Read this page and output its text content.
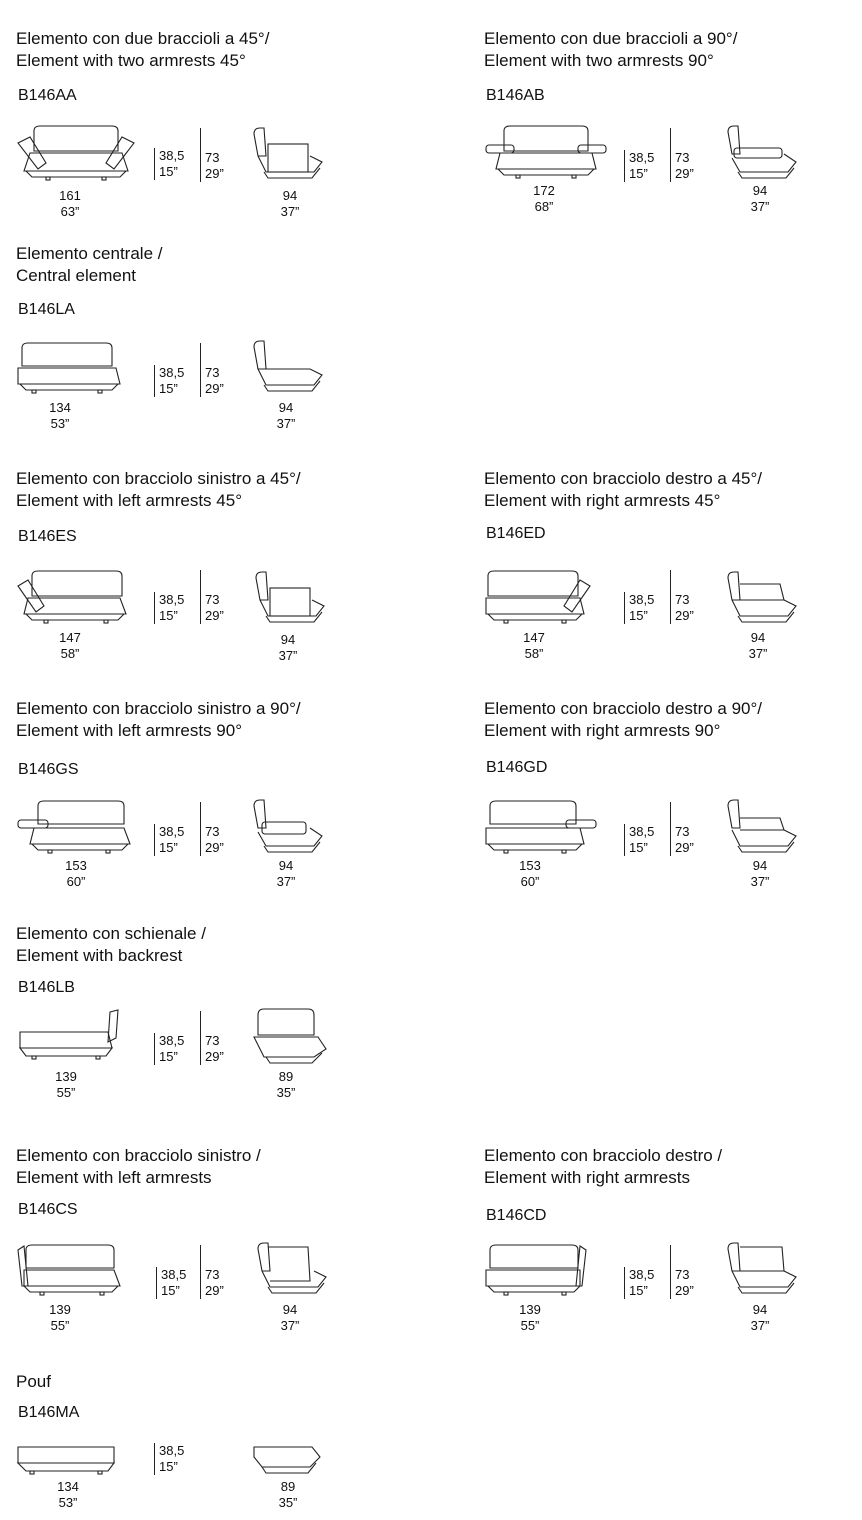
Elemento con due braccioli a 45°/
Element with two armrests 45°
B146AA
161
63”
38,5
15”
73
29”
94
37”
Elemento con due braccioli a 90°/
Element with two armrests 90°
B146AB
172
68”
38,5
15”
73
29”
94
37”
Elemento centrale /
Central element
B146LA
134
53”
38,5
15”
73
29”
94
37”
Elemento con bracciolo sinistro a 45°/
Element with left armrests 45°
B146ES
147
58”
38,5
15”
73
29”
94
37”
Elemento con bracciolo destro a 45°/
Element with right armrests 45°
B146ED
147
58”
38,5
15”
73
29”
94
37”
Elemento con bracciolo sinistro a 90°/
Element with left armrests 90°
B146GS
153
60”
38,5
15”
73
29”
94
37”
Elemento con bracciolo destro a 90°/
Element with right armrests 90°
B146GD
153
60”
38,5
15”
73
29”
94
37”
Elemento con schienale /
Element with backrest
B146LB
139
55”
38,5
15”
73
29”
89
35”
Elemento con bracciolo sinistro /
Element with left armrests
B146CS
139
55”
38,5
15”
73
29”
94
37”
Elemento con bracciolo destro /
Element with right armrests
B146CD
139
55”
38,5
15”
73
29”
94
37”
Pouf
B146MA
134
53”
38,5
15”
89
35”
